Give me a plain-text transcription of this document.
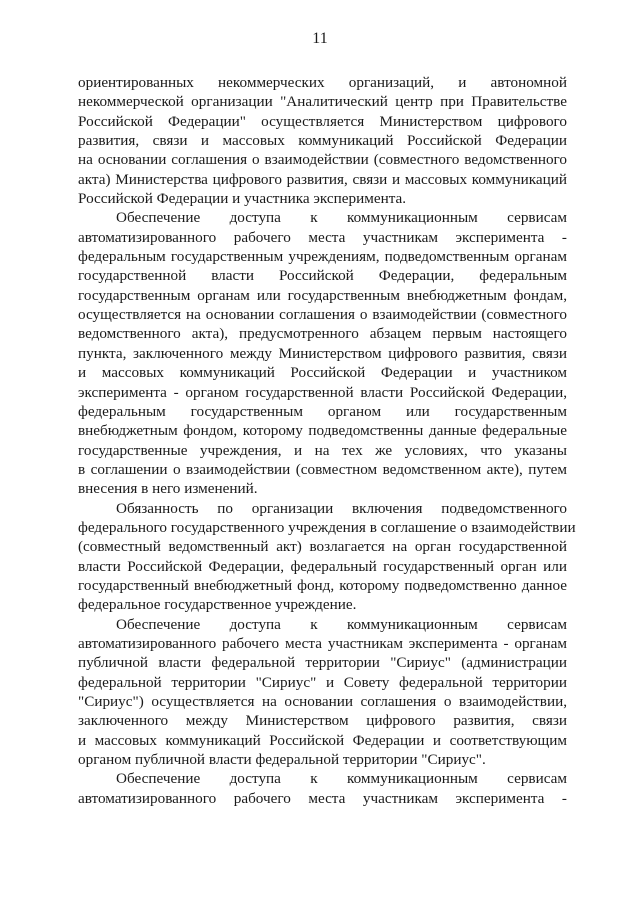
11
ориентированных некоммерческих организаций, и автономной
некоммерческой организации "Аналитический центр при Правительстве
Российской Федерации" осуществляется Министерством цифрового
развития, связи и массовых коммуникаций Российской Федерации
на основании соглашения о взаимодействии (совместного ведомственного
акта) Министерства цифрового развития, связи и массовых коммуникаций
Российской Федерации и участника эксперимента.
Обеспечение доступа к коммуникационным сервисам
автоматизированного рабочего места участникам эксперимента -
федеральным государственным учреждениям, подведомственным органам
государственной власти Российской Федерации, федеральным
государственным органам или государственным внебюджетным фондам,
осуществляется на основании соглашения о взаимодействии (совместного
ведомственного акта), предусмотренного абзацем первым настоящего
пункта, заключенного между Министерством цифрового развития, связи
и массовых коммуникаций Российской Федерации и участником
эксперимента - органом государственной власти Российской Федерации,
федеральным государственным органом или государственным
внебюджетным фондом, которому подведомственны данные федеральные
государственные учреждения, и на тех же условиях, что указаны
в соглашении о взаимодействии (совместном ведомственном акте), путем
внесения в него изменений.
Обязанность по организации включения подведомственного
федерального государственного учреждения в соглашение о взаимодействии
(совместный ведомственный акт) возлагается на орган государственной
власти Российской Федерации, федеральный государственный орган или
государственный внебюджетный фонд, которому подведомственно данное
федеральное государственное учреждение.
Обеспечение доступа к коммуникационным сервисам
автоматизированного рабочего места участникам эксперимента - органам
публичной власти федеральной территории "Сириус" (администрации
федеральной территории "Сириус" и Совету федеральной территории
"Сириус") осуществляется на основании соглашения о взаимодействии,
заключенного между Министерством цифрового развития, связи
и массовых коммуникаций Российской Федерации и соответствующим
органом публичной власти федеральной территории "Сириус".
Обеспечение доступа к коммуникационным сервисам
автоматизированного рабочего места участникам эксперимента -
